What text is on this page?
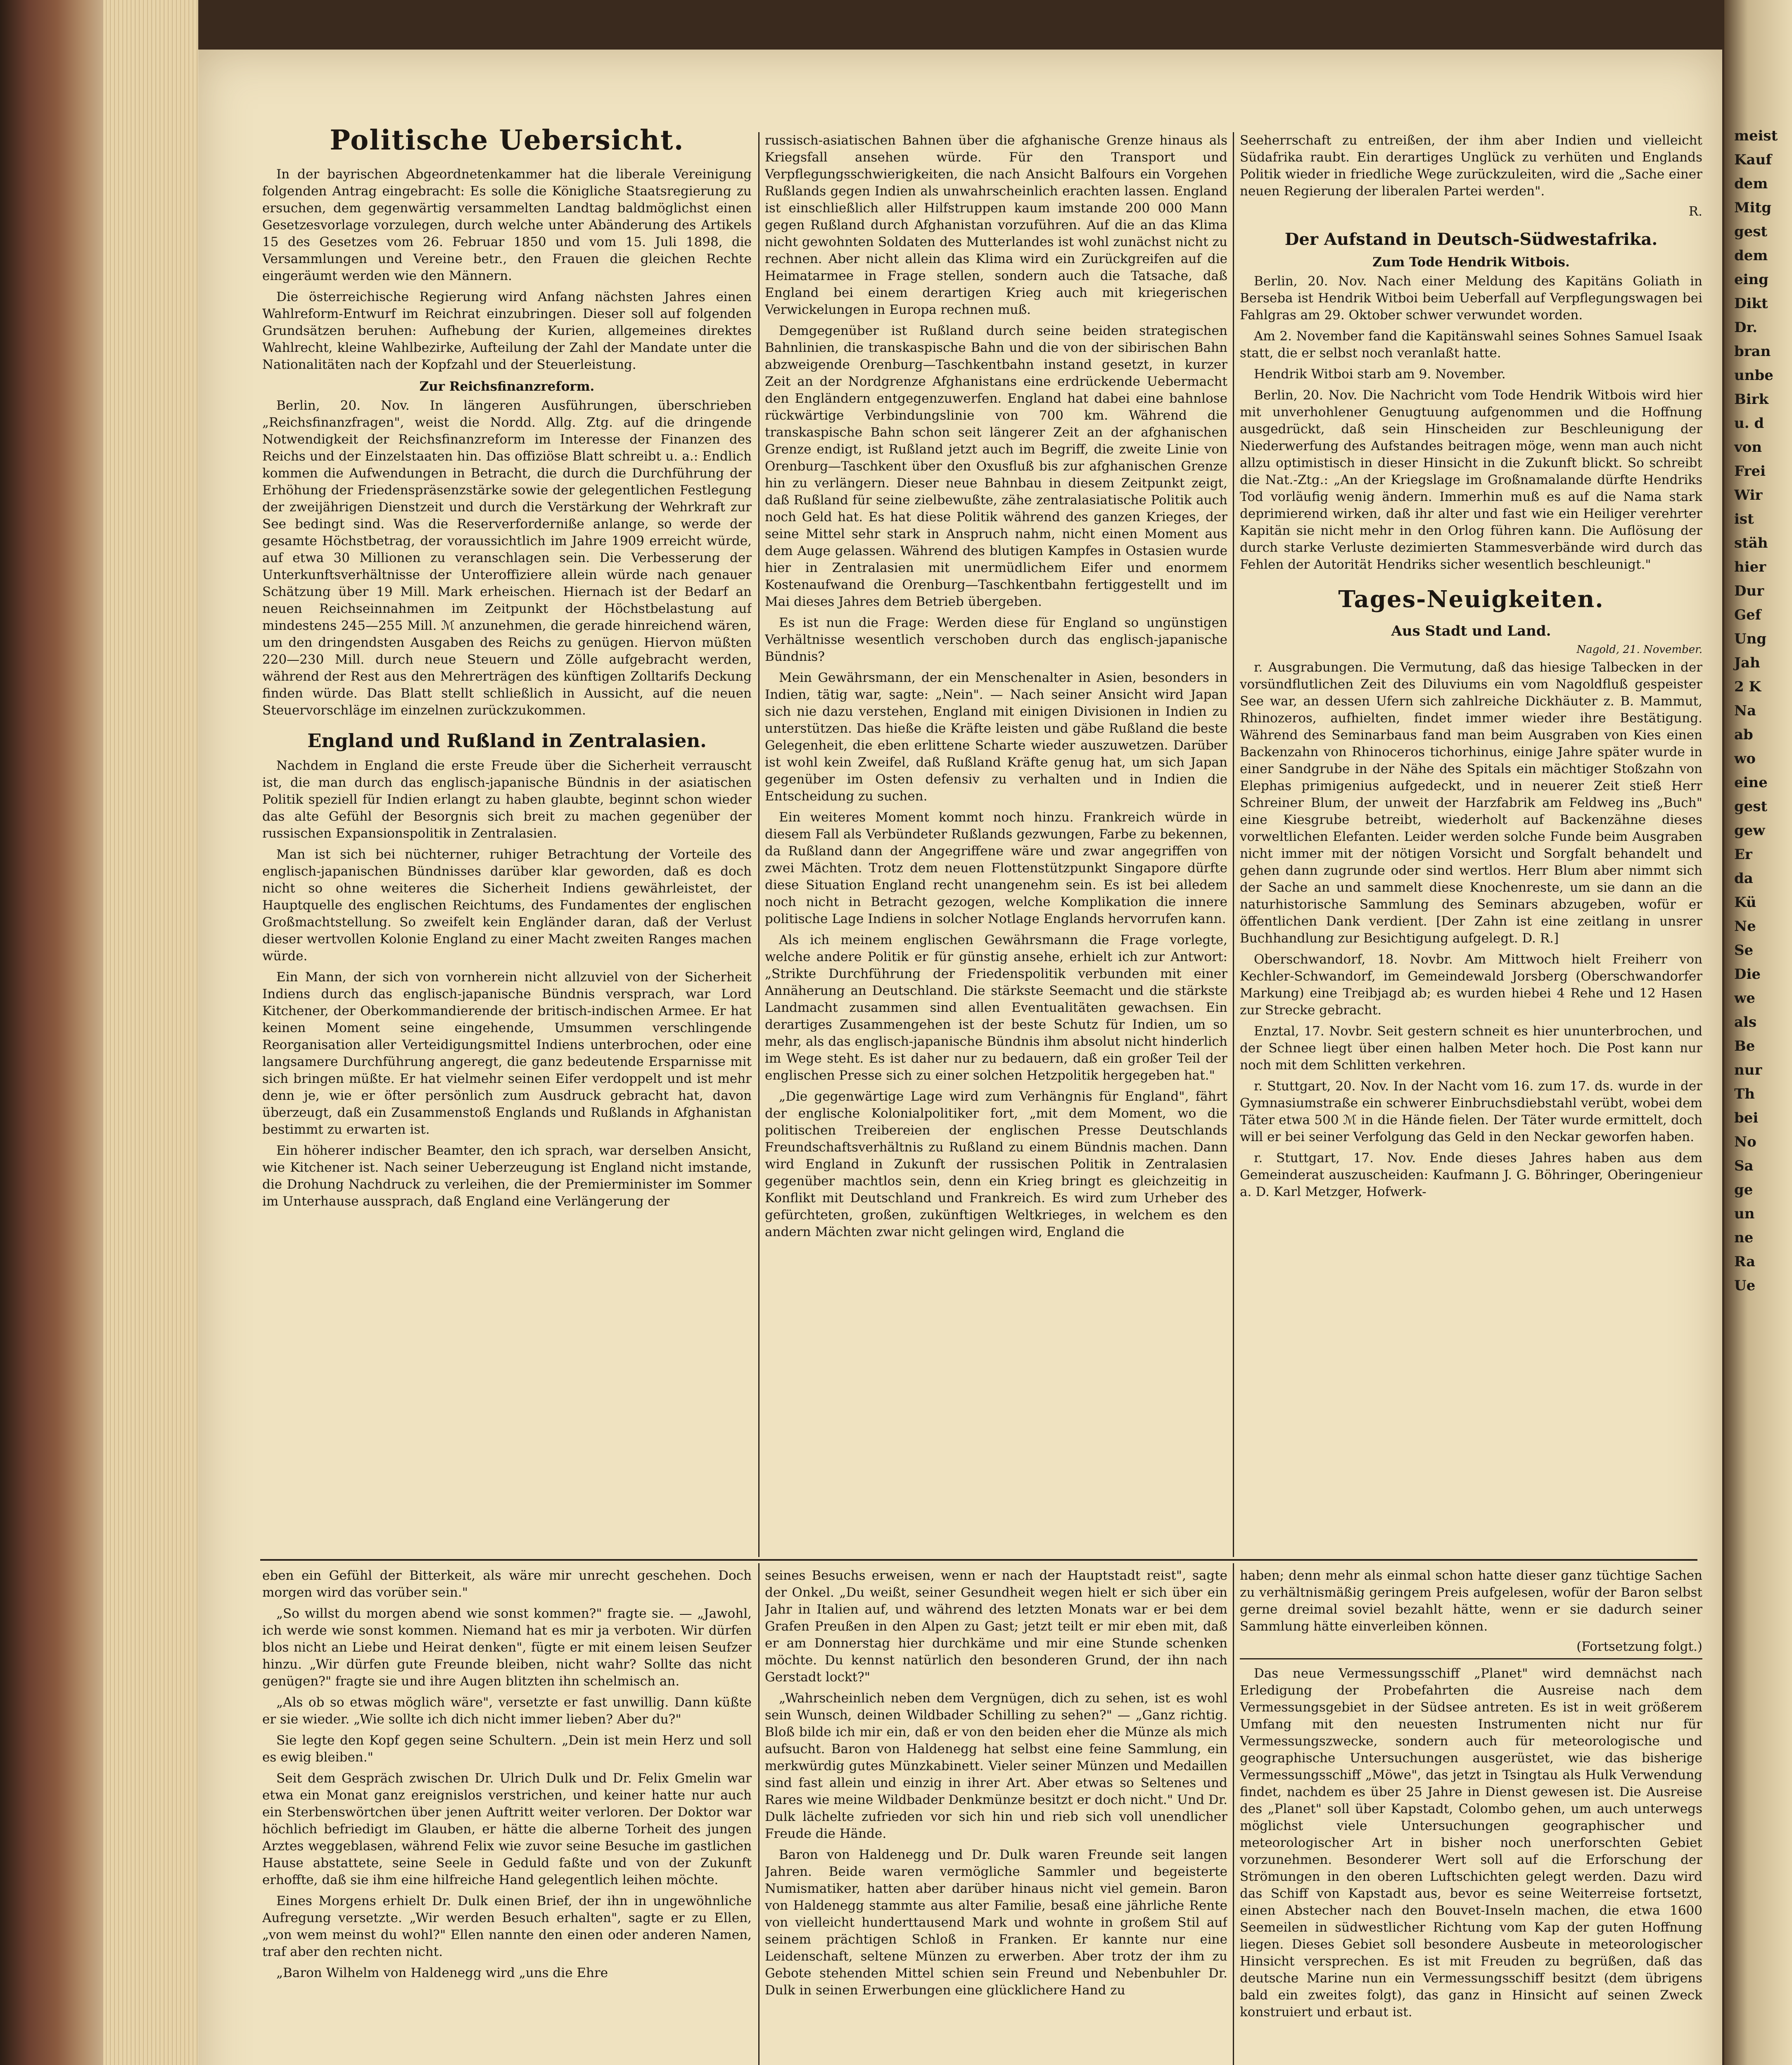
Politische Uebersicht.

In der bayrischen Abgeordnetenkammer hat die liberale Vereinigung folgenden Antrag eingebracht: Es solle die Königliche Staatsregierung zu ersuchen, dem gegenwärtig versammelten Landtag baldmöglichst einen Gesetzesvorlage vorzulegen, durch welche unter Abänderung des Artikels 15 des Gesetzes vom 26. Februar 1850 und vom 15. Juli 1898, die Versammlungen und Vereine betr., den Frauen die gleichen Rechte eingeräumt werden wie den Männern.

Die österreichische Regierung wird Anfang nächsten Jahres einen Wahlreform-Entwurf im Reichrat einzubringen. Dieser soll auf folgenden Grundsätzen beruhen: Aufhebung der Kurien, allgemeines direktes Wahlrecht, kleine Wahlbezirke, Aufteilung der Zahl der Mandate unter die Nationalitäten nach der Kopfzahl und der Steuerleistung.

Zur Reichsfinanzreform.

Berlin, 20. Nov. In längeren Ausführungen, überschrieben „Reichsfinanzfragen", weist die Nordd. Allg. Ztg. auf die dringende Notwendigkeit der Reichsfinanzreform im Interesse der Finanzen des Reichs und der Einzelstaaten hin. Das offiziöse Blatt schreibt u. a.: Endlich kommen die Aufwendungen in Betracht, die durch die Durchführung der Erhöhung der Friedenspräsenzstärke sowie der gelegentlichen Festlegung der zweijährigen Dienstzeit und durch die Verstärkung der Wehrkraft zur See bedingt sind. Was die Reserverforderniße anlange, so werde der gesamte Höchstbetrag, der voraussichtlich im Jahre 1909 erreicht würde, auf etwa 30 Millionen zu veranschlagen sein. Die Verbesserung der Unterkunftsverhältnisse der Unteroffiziere allein würde nach genauer Schätzung über 19 Mill. Mark erheischen. Hiernach ist der Bedarf an neuen Reichseinnahmen im Zeitpunkt der Höchstbelastung auf mindestens 245—255 Mill. ℳ anzunehmen, die gerade hinreichend wären, um den dringendsten Ausgaben des Reichs zu genügen. Hiervon müßten 220—230 Mill. durch neue Steuern und Zölle aufgebracht werden, während der Rest aus den Mehrerträgen des künftigen Zolltarifs Deckung finden würde. Das Blatt stellt schließlich in Aussicht, auf die neuen Steuervorschläge im einzelnen zurückzukommen.

England und Rußland in Zentralasien.

Nachdem in England die erste Freude über die Sicherheit verrauscht ist, die man durch das englisch-japanische Bündnis in der asiatischen Politik speziell für Indien erlangt zu haben glaubte, beginnt schon wieder das alte Gefühl der Besorgnis sich breit zu machen gegenüber der russischen Expansionspolitik in Zentralasien.

Man ist sich bei nüchterner, ruhiger Betrachtung der Vorteile des englisch-japanischen Bündnisses darüber klar geworden, daß es doch nicht so ohne weiteres die Sicherheit Indiens gewährleistet, der Hauptquelle des englischen Reichtums, des Fundamentes der englischen Großmachtstellung. So zweifelt kein Engländer daran, daß der Verlust dieser wertvollen Kolonie England zu einer Macht zweiten Ranges machen würde.

Ein Mann, der sich von vornherein nicht allzuviel von der Sicherheit Indiens durch das englisch-japanische Bündnis versprach, war Lord Kitchener, der Oberkommandierende der britisch-indischen Armee. Er hat keinen Moment seine eingehende, Umsummen verschlingende Reorganisation aller Verteidigungsmittel Indiens unterbrochen, oder eine langsamere Durchführung angeregt, die ganz bedeutende Ersparnisse mit sich bringen müßte. Er hat vielmehr seinen Eifer verdoppelt und ist mehr denn je, wie er öfter persönlich zum Ausdruck gebracht hat, davon überzeugt, daß ein Zusammenstoß Englands und Rußlands in Afghanistan bestimmt zu erwarten ist.

Ein höherer indischer Beamter, den ich sprach, war derselben Ansicht, wie Kitchener ist. Nach seiner Ueberzeugung ist England nicht imstande, die Drohung Nachdruck zu verleihen, die der Premierminister im Sommer im Unterhause aussprach, daß England eine Verlängerung der

russisch-asiatischen Bahnen über die afghanische Grenze hinaus als Kriegsfall ansehen würde. Für den Transport und Verpflegungsschwierigkeiten, die nach Ansicht Balfours ein Vorgehen Rußlands gegen Indien als unwahrscheinlich erachten lassen. England ist einschließlich aller Hilfstruppen kaum imstande 200 000 Mann gegen Rußland durch Afghanistan vorzuführen. Auf die an das Klima nicht gewohnten Soldaten des Mutterlandes ist wohl zunächst nicht zu rechnen. Aber nicht allein das Klima wird ein Zurückgreifen auf die Heimatarmee in Frage stellen, sondern auch die Tatsache, daß England bei einem derartigen Krieg auch mit kriegerischen Verwickelungen in Europa rechnen muß.

Demgegenüber ist Rußland durch seine beiden strategischen Bahnlinien, die transkaspische Bahn und die von der sibirischen Bahn abzweigende Orenburg—Taschkentbahn instand gesetzt, in kurzer Zeit an der Nordgrenze Afghanistans eine erdrückende Uebermacht den Engländern entgegenzuwerfen. England hat dabei eine bahnlose rückwärtige Verbindungslinie von 700 km. Während die transkaspische Bahn schon seit längerer Zeit an der afghanischen Grenze endigt, ist Rußland jetzt auch im Begriff, die zweite Linie von Orenburg—Taschkent über den Oxusfluß bis zur afghanischen Grenze hin zu verlängern. Dieser neue Bahnbau in diesem Zeitpunkt zeigt, daß Rußland für seine zielbewußte, zähe zentralasiatische Politik auch noch Geld hat. Es hat diese Politik während des ganzen Krieges, der seine Mittel sehr stark in Anspruch nahm, nicht einen Moment aus dem Auge gelassen. Während des blutigen Kampfes in Ostasien wurde hier in Zentralasien mit unermüdlichem Eifer und enormem Kostenaufwand die Orenburg—Taschkentbahn fertiggestellt und im Mai dieses Jahres dem Betrieb übergeben.

Es ist nun die Frage: Werden diese für England so ungünstigen Verhältnisse wesentlich verschoben durch das englisch-japanische Bündnis?

Mein Gewährsmann, der ein Menschenalter in Asien, besonders in Indien, tätig war, sagte: „Nein". — Nach seiner Ansicht wird Japan sich nie dazu verstehen, England mit einigen Divisionen in Indien zu unterstützen. Das hieße die Kräfte leisten und gäbe Rußland die beste Gelegenheit, die eben erlittene Scharte wieder auszuwetzen. Darüber ist wohl kein Zweifel, daß Rußland Kräfte genug hat, um sich Japan gegenüber im Osten defensiv zu verhalten und in Indien die Entscheidung zu suchen.

Ein weiteres Moment kommt noch hinzu. Frankreich würde in diesem Fall als Verbündeter Rußlands gezwungen, Farbe zu bekennen, da Rußland dann der Angegriffene wäre und zwar angegriffen von zwei Mächten. Trotz dem neuen Flottenstützpunkt Singapore dürfte diese Situation England recht unangenehm sein. Es ist bei alledem noch nicht in Betracht gezogen, welche Komplikation die innere politische Lage Indiens in solcher Notlage Englands hervorrufen kann.

Als ich meinem englischen Gewährsmann die Frage vorlegte, welche andere Politik er für günstig ansehe, erhielt ich zur Antwort: „Strikte Durchführung der Friedenspolitik verbunden mit einer Annäherung an Deutschland. Die stärkste Seemacht und die stärkste Landmacht zusammen sind allen Eventualitäten gewachsen. Ein derartiges Zusammengehen ist der beste Schutz für Indien, um so mehr, als das englisch-japanische Bündnis ihm absolut nicht hinderlich im Wege steht. Es ist daher nur zu bedauern, daß ein großer Teil der englischen Presse sich zu einer solchen Hetzpolitik hergegeben hat."

„Die gegenwärtige Lage wird zum Verhängnis für England", fährt der englische Kolonialpolitiker fort, „mit dem Moment, wo die politischen Treibereien der englischen Presse Deutschlands Freundschaftsverhältnis zu Rußland zu einem Bündnis machen. Dann wird England in Zukunft der russischen Politik in Zentralasien gegenüber machtlos sein, denn ein Krieg bringt es gleichzeitig in Konflikt mit Deutschland und Frankreich. Es wird zum Urheber des gefürchteten, großen, zukünftigen Weltkrieges, in welchem es den andern Mächten zwar nicht gelingen wird, England die

Seeherrschaft zu entreißen, der ihm aber Indien und vielleicht Südafrika raubt. Ein derartiges Unglück zu verhüten und Englands Politik wieder in friedliche Wege zurückzuleiten, wird die „Sache einer neuen Regierung der liberalen Partei werden".

R.
Der Aufstand in Deutsch-Südwestafrika.
Zum Tode Hendrik Witbois.

Berlin, 20. Nov. Nach einer Meldung des Kapitäns Goliath in Berseba ist Hendrik Witboi beim Ueberfall auf Verpflegungswagen bei Fahlgras am 29. Oktober schwer verwundet worden.

Am 2. November fand die Kapitänswahl seines Sohnes Samuel Isaak statt, die er selbst noch veranlaßt hatte.

Hendrik Witboi starb am 9. November.

Berlin, 20. Nov. Die Nachricht vom Tode Hendrik Witbois wird hier mit unverhohlener Genugtuung aufgenommen und die Hoffnung ausgedrückt, daß sein Hinscheiden zur Beschleunigung der Niederwerfung des Aufstandes beitragen möge, wenn man auch nicht allzu optimistisch in dieser Hinsicht in die Zukunft blickt. So schreibt die Nat.-Ztg.: „An der Kriegslage im Großnamalande dürfte Hendriks Tod vorläufig wenig ändern. Immerhin muß es auf die Nama stark deprimierend wirken, daß ihr alter und fast wie ein Heiliger verehrter Kapitän sie nicht mehr in den Orlog führen kann. Die Auflösung der durch starke Verluste dezimierten Stammesverbände wird durch das Fehlen der Autorität Hendriks sicher wesentlich beschleunigt."

Tages-Neuigkeiten.
Aus Stadt und Land.
Nagold, 21. November.

r. Ausgrabungen. Die Vermutung, daß das hiesige Talbecken in der vorsündflutlichen Zeit des Diluviums ein vom Nagoldfluß gespeister See war, an dessen Ufern sich zahlreiche Dickhäuter z. B. Mammut, Rhinozeros, aufhielten, findet immer wieder ihre Bestätigung. Während des Seminarbaus fand man beim Ausgraben von Kies einen Backenzahn von Rhinoceros tichorhinus, einige Jahre später wurde in einer Sandgrube in der Nähe des Spitals ein mächtiger Stoßzahn von Elephas primigenius aufgedeckt, und in neuerer Zeit stieß Herr Schreiner Blum, der unweit der Harzfabrik am Feldweg ins „Buch" eine Kiesgrube betreibt, wiederholt auf Backenzähne dieses vorweltlichen Elefanten. Leider werden solche Funde beim Ausgraben nicht immer mit der nötigen Vorsicht und Sorgfalt behandelt und gehen dann zugrunde oder sind wertlos. Herr Blum aber nimmt sich der Sache an und sammelt diese Knochenreste, um sie dann an die naturhistorische Sammlung des Seminars abzugeben, wofür er öffentlichen Dank verdient. [Der Zahn ist eine zeitlang in unsrer Buchhandlung zur Besichtigung aufgelegt. D. R.]

Oberschwandorf, 18. Novbr. Am Mittwoch hielt Freiherr von Kechler-Schwandorf, im Gemeindewald Jorsberg (Oberschwandorfer Markung) eine Treibjagd ab; es wurden hiebei 4 Rehe und 12 Hasen zur Strecke gebracht.

Enztal, 17. Novbr. Seit gestern schneit es hier ununterbrochen, und der Schnee liegt über einen halben Meter hoch. Die Post kann nur noch mit dem Schlitten verkehren.

r. Stuttgart, 20. Nov. In der Nacht vom 16. zum 17. ds. wurde in der Gymnasiumstraße ein schwerer Einbruchsdiebstahl verübt, wobei dem Täter etwa 500 ℳ in die Hände fielen. Der Täter wurde ermittelt, doch will er bei seiner Verfolgung das Geld in den Neckar geworfen haben.

r. Stuttgart, 17. Nov. Ende dieses Jahres haben aus dem Gemeinderat auszuscheiden: Kaufmann J. G. Böhringer, Oberingenieur a. D. Karl Metzger, Hofwerk-

eben ein Gefühl der Bitterkeit, als wäre mir unrecht geschehen. Doch morgen wird das vorüber sein."

„So willst du morgen abend wie sonst kommen?" fragte sie. — „Jawohl, ich werde wie sonst kommen. Niemand hat es mir ja verboten. Wir dürfen blos nicht an Liebe und Heirat denken", fügte er mit einem leisen Seufzer hinzu. „Wir dürfen gute Freunde bleiben, nicht wahr? Sollte das nicht genügen?" fragte sie und ihre Augen blitzten ihn schelmisch an.

„Als ob so etwas möglich wäre", versetzte er fast unwillig. Dann küßte er sie wieder. „Wie sollte ich dich nicht immer lieben? Aber du?"

Sie legte den Kopf gegen seine Schultern. „Dein ist mein Herz und soll es ewig bleiben."

Seit dem Gespräch zwischen Dr. Ulrich Dulk und Dr. Felix Gmelin war etwa ein Monat ganz ereignislos verstrichen, und keiner hatte nur auch ein Sterbenswörtchen über jenen Auftritt weiter verloren. Der Doktor war höchlich befriedigt im Glauben, er hätte die alberne Torheit des jungen Arztes weggeblasen, während Felix wie zuvor seine Besuche im gastlichen Hause abstattete, seine Seele in Geduld faßte und von der Zukunft erhoffte, daß sie ihm eine hilfreiche Hand gelegentlich leihen möchte.

Eines Morgens erhielt Dr. Dulk einen Brief, der ihn in ungewöhnliche Aufregung versetzte. „Wir werden Besuch erhalten", sagte er zu Ellen, „von wem meinst du wohl?" Ellen nannte den einen oder anderen Namen, traf aber den rechten nicht.

„Baron Wilhelm von Haldenegg wird „uns die Ehre

seines Besuchs erweisen, wenn er nach der Hauptstadt reist", sagte der Onkel. „Du weißt, seiner Gesundheit wegen hielt er sich über ein Jahr in Italien auf, und während des letzten Monats war er bei dem Grafen Preußen in den Alpen zu Gast; jetzt teilt er mir eben mit, daß er am Donnerstag hier durchkäme und mir eine Stunde schenken möchte. Du kennst natürlich den besonderen Grund, der ihn nach Gerstadt lockt?"

„Wahrscheinlich neben dem Vergnügen, dich zu sehen, ist es wohl sein Wunsch, deinen Wildbader Schilling zu sehen?" — „Ganz richtig. Bloß bilde ich mir ein, daß er von den beiden eher die Münze als mich aufsucht. Baron von Haldenegg hat selbst eine feine Sammlung, ein merkwürdig gutes Münzkabinett. Vieler seiner Münzen und Medaillen sind fast allein und einzig in ihrer Art. Aber etwas so Seltenes und Rares wie meine Wildbader Denkmünze besitzt er doch nicht." Und Dr. Dulk lächelte zufrieden vor sich hin und rieb sich voll unendlicher Freude die Hände.

Baron von Haldenegg und Dr. Dulk waren Freunde seit langen Jahren. Beide waren vermögliche Sammler und begeisterte Numismatiker, hatten aber darüber hinaus nicht viel gemein. Baron von Haldenegg stammte aus alter Familie, besaß eine jährliche Rente von vielleicht hunderttausend Mark und wohnte in großem Stil auf seinem prächtigen Schloß in Franken. Er kannte nur eine Leidenschaft, seltene Münzen zu erwerben. Aber trotz der ihm zu Gebote stehenden Mittel schien sein Freund und Nebenbuhler Dr. Dulk in seinen Erwerbungen eine glücklichere Hand zu

haben; denn mehr als einmal schon hatte dieser ganz tüchtige Sachen zu verhältnismäßig geringem Preis aufgelesen, wofür der Baron selbst gerne dreimal soviel bezahlt hätte, wenn er sie dadurch seiner Sammlung hätte einverleiben können.

(Fortsetzung folgt.)

Das neue Vermessungsschiff „Planet" wird demnächst nach Erledigung der Probefahrten die Ausreise nach dem Vermessungsgebiet in der Südsee antreten. Es ist in weit größerem Umfang mit den neuesten Instrumenten nicht nur für Vermessungszwecke, sondern auch für meteorologische und geographische Untersuchungen ausgerüstet, wie das bisherige Vermessungsschiff „Möwe", das jetzt in Tsingtau als Hulk Verwendung findet, nachdem es über 25 Jahre in Dienst gewesen ist. Die Ausreise des „Planet" soll über Kapstadt, Colombo gehen, um auch unterwegs möglichst viele Untersuchungen geographischer und meteorologischer Art in bisher noch unerforschten Gebiet vorzunehmen. Besonderer Wert soll auf die Erforschung der Strömungen in den oberen Luftschichten gelegt werden. Dazu wird das Schiff von Kapstadt aus, bevor es seine Weiterreise fortsetzt, einen Abstecher nach den Bouvet-Inseln machen, die etwa 1600 Seemeilen in südwestlicher Richtung vom Kap der guten Hoffnung liegen. Dieses Gebiet soll besondere Ausbeute in meteorologischer Hinsicht versprechen. Es ist mit Freuden zu begrüßen, daß das deutsche Marine nun ein Vermessungsschiff besitzt (dem übrigens bald ein zweites folgt), das ganz in Hinsicht auf seinen Zweck konstruiert und erbaut ist.

meist
Kauf
dem
Mitg
gest
dem
eing
Dikt
Dr.
bran
unbe
Birk
u. d
von
Frei
Wir
ist
stäh
hier
Dur
Gef
Ung
Jah
2 K
Na
ab
wo
eine
gest
gew
Er
da
Kü
Ne
Se
Die
we
als
Be
nur
Th
bei
No
Sa
ge
un
ne
Ra
Ue
